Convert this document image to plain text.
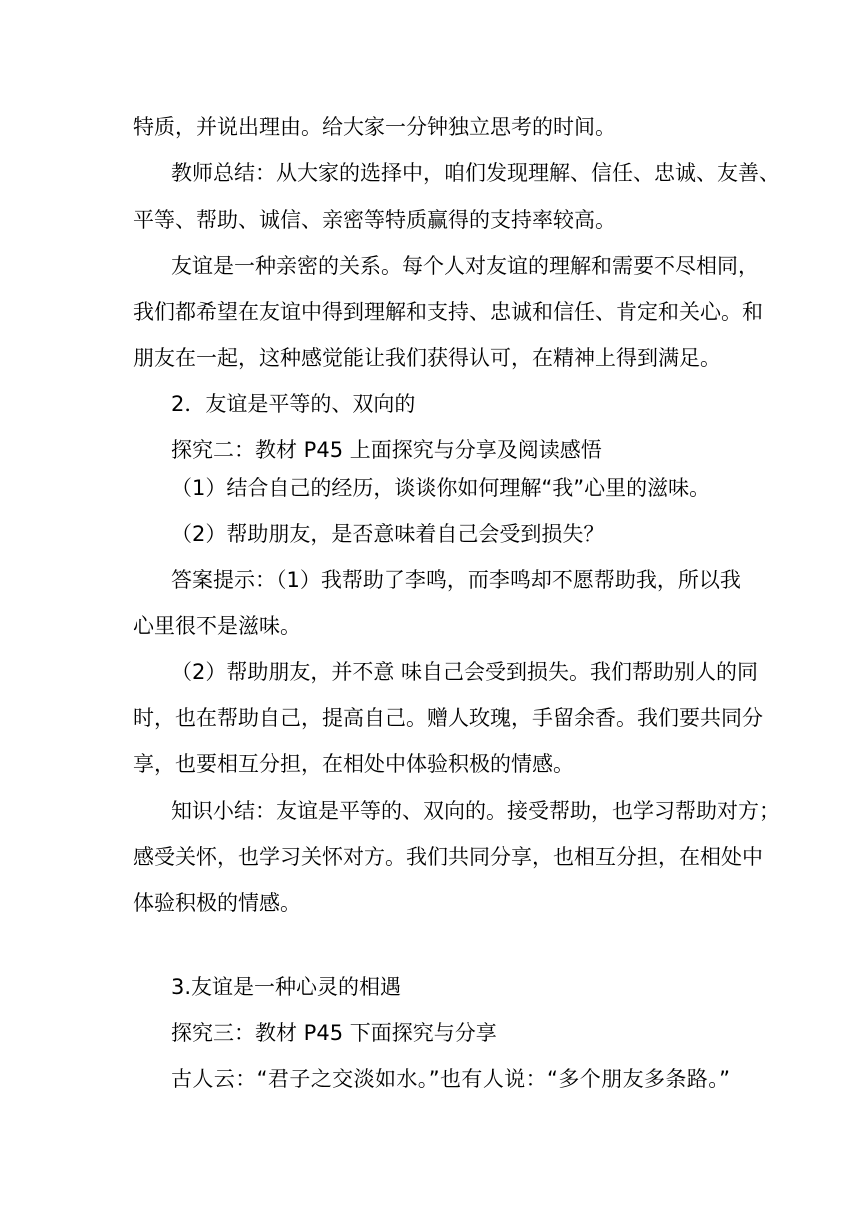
特质，并说出理由。给大家一分钟独立思考的时间。
教师总结：从大家的选择中，咱们发现理解、信任、忠诚、友善、
平等、帮助、诚信、亲密等特质赢得的支持率较高。
友谊是一种亲密的关系。每个人对友谊的理解和需要不尽相同，
我们都希望在友谊中得到理解和支持、忠诚和信任、肯定和关心。和
朋友在一起，这种感觉能让我们获得认可，在精神上得到满足。
2．友谊是平等的、双向的
探究二：教材 P45 上面探究与分享及阅读感悟
（1）结合自己的经历，谈谈你如何理解“我”心里的滋味。
（2）帮助朋友，是否意味着自己会受到损失？
答案提示：（1）我帮助了李鸣，而李鸣却不愿帮助我，所以我
心里很不是滋味。
（2）帮助朋友，并不意 味自己会受到损失。我们帮助别人的同
时，也在帮助自己，提高自己。赠人玫瑰，手留余香。我们要共同分
享，也要相互分担，在相处中体验积极的情感。
知识小结：友谊是平等的、双向的。接受帮助，也学习帮助对方；
感受关怀，也学习关怀对方。我们共同分享，也相互分担，在相处中
体验积极的情感。
3.友谊是一种心灵的相遇
探究三：教材 P45 下面探究与分享
古人云：“君子之交淡如水。”也有人说：“多个朋友多条路。”
